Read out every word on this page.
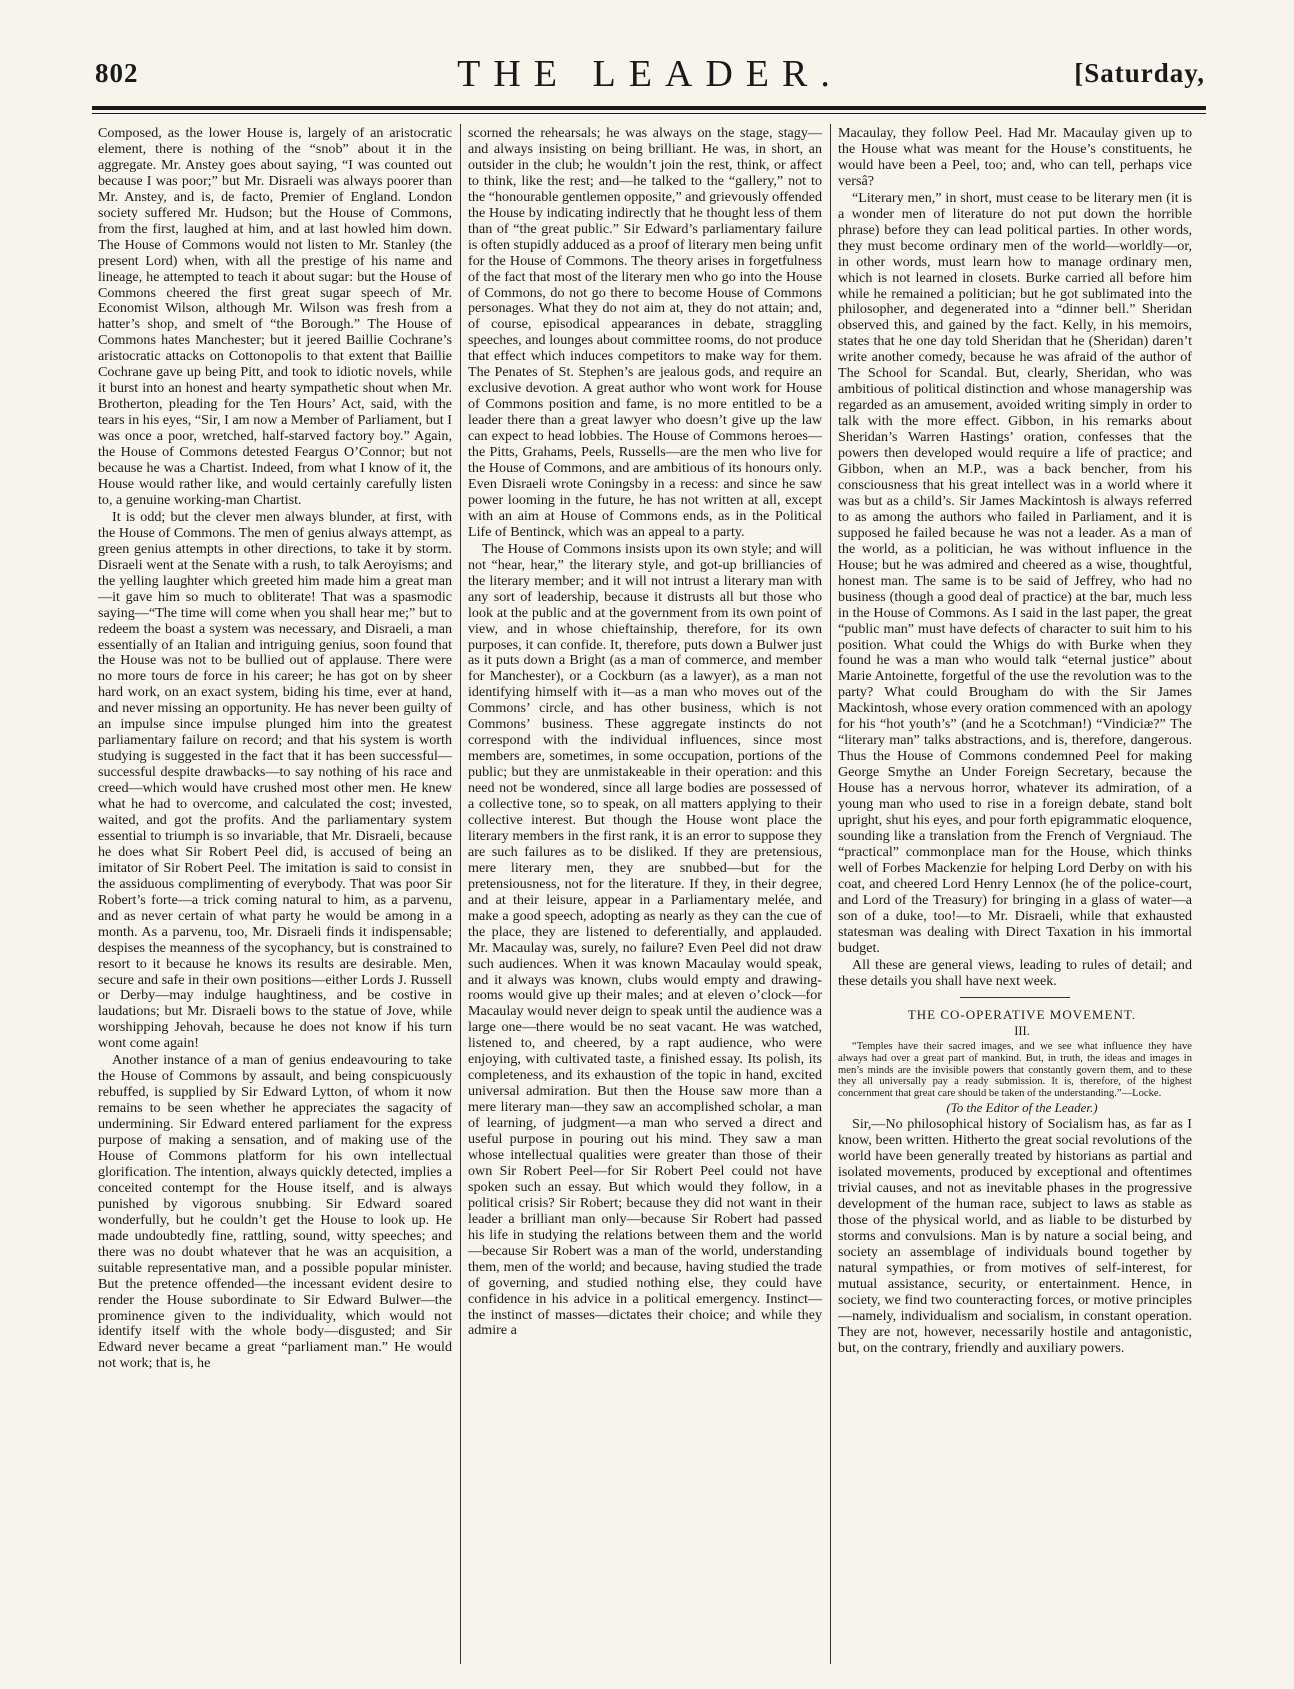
802	THE LEADER.	[Saturday,

Composed, as the lower House is, largely of an aristocratic element, there is nothing of the “snob” about it in the aggregate. Mr. Anstey goes about saying, “I was counted out because I was poor;” but Mr. Disraeli was always poorer than Mr. Anstey, and is, de facto, Premier of England. London society suffered Mr. Hudson; but the House of Commons, from the first, laughed at him, and at last howled him down. The House of Commons would not listen to Mr. Stanley (the present Lord) when, with all the prestige of his name and lineage, he attempted to teach it about sugar: but the House of Commons cheered the first great sugar speech of Mr. Economist Wilson, although Mr. Wilson was fresh from a hatter’s shop, and smelt of “the Borough.” The House of Commons hates Manchester; but it jeered Baillie Cochrane’s aristocratic attacks on Cottonopolis to that extent that Baillie Cochrane gave up being Pitt, and took to idiotic novels, while it burst into an honest and hearty sympathetic shout when Mr. Brotherton, pleading for the Ten Hours’ Act, said, with the tears in his eyes, “Sir, I am now a Member of Parliament, but I was once a poor, wretched, half-starved factory boy.” Again, the House of Commons detested Feargus O’Connor; but not because he was a Chartist. Indeed, from what I know of it, the House would rather like, and would certainly carefully listen to, a genuine working-man Chartist.

It is odd; but the clever men always blunder, at first, with the House of Commons. The men of genius always attempt, as green genius attempts in other directions, to take it by storm. Disraeli went at the Senate with a rush, to talk Aeroyisms; and the yelling laughter which greeted him made him a great man—it gave him so much to obliterate! That was a spasmodic saying—“The time will come when you shall hear me;” but to redeem the boast a system was necessary, and Disraeli, a man essentially of an Italian and intriguing genius, soon found that the House was not to be bullied out of applause. There were no more tours de force in his career; he has got on by sheer hard work, on an exact system, biding his time, ever at hand, and never missing an opportunity. He has never been guilty of an impulse since impulse plunged him into the greatest parliamentary failure on record; and that his system is worth studying is suggested in the fact that it has been successful—successful despite drawbacks—to say nothing of his race and creed—which would have crushed most other men. He knew what he had to overcome, and calculated the cost; invested, waited, and got the profits. And the parliamentary system essential to triumph is so invariable, that Mr. Disraeli, because he does what Sir Robert Peel did, is accused of being an imitator of Sir Robert Peel. The imitation is said to consist in the assiduous complimenting of everybody. That was poor Sir Robert’s forte—a trick coming natural to him, as a parvenu, and as never certain of what party he would be among in a month. As a parvenu, too, Mr. Disraeli finds it indispensable; despises the meanness of the sycophancy, but is constrained to resort to it because he knows its results are desirable. Men, secure and safe in their own positions—either Lords J. Russell or Derby—may indulge haughtiness, and be costive in laudations; but Mr. Disraeli bows to the statue of Jove, while worshipping Jehovah, because he does not know if his turn wont come again!

Another instance of a man of genius endeavouring to take the House of Commons by assault, and being conspicuously rebuffed, is supplied by Sir Edward Lytton, of whom it now remains to be seen whether he appreciates the sagacity of undermining. Sir Edward entered parliament for the express purpose of making a sensation, and of making use of the House of Commons platform for his own intellectual glorification. The intention, always quickly detected, implies a conceited contempt for the House itself, and is always punished by vigorous snubbing. Sir Edward soared wonderfully, but he couldn’t get the House to look up. He made undoubtedly fine, rattling, sound, witty speeches; and there was no doubt whatever that he was an acquisition, a suitable representative man, and a possible popular minister. But the pretence offended—the incessant evident desire to render the House subordinate to Sir Edward Bulwer—the prominence given to the individuality, which would not identify itself with the whole body—disgusted; and Sir Edward never became a great “parliament man.” He would not work; that is, he

scorned the rehearsals; he was always on the stage, stagy—and always insisting on being brilliant. He was, in short, an outsider in the club; he wouldn’t join the rest, think, or affect to think, like the rest; and—he talked to the “gallery,” not to the “honourable gentlemen opposite,” and grievously offended the House by indicating indirectly that he thought less of them than of “the great public.” Sir Edward’s parliamentary failure is often stupidly adduced as a proof of literary men being unfit for the House of Commons. The theory arises in forgetfulness of the fact that most of the literary men who go into the House of Commons, do not go there to become House of Commons personages. What they do not aim at, they do not attain; and, of course, episodical appearances in debate, straggling speeches, and lounges about committee rooms, do not produce that effect which induces competitors to make way for them. The Penates of St. Stephen’s are jealous gods, and require an exclusive devotion. A great author who wont work for House of Commons position and fame, is no more entitled to be a leader there than a great lawyer who doesn’t give up the law can expect to head lobbies. The House of Commons heroes—the Pitts, Grahams, Peels, Russells—are the men who live for the House of Commons, and are ambitious of its honours only. Even Disraeli wrote Coningsby in a recess: and since he saw power looming in the future, he has not written at all, except with an aim at House of Commons ends, as in the Political Life of Bentinck, which was an appeal to a party.

The House of Commons insists upon its own style; and will not “hear, hear,” the literary style, and got-up brilliancies of the literary member; and it will not intrust a literary man with any sort of leadership, because it distrusts all but those who look at the public and at the government from its own point of view, and in whose chieftainship, therefore, for its own purposes, it can confide. It, therefore, puts down a Bulwer just as it puts down a Bright (as a man of commerce, and member for Manchester), or a Cockburn (as a lawyer), as a man not identifying himself with it—as a man who moves out of the Commons’ circle, and has other business, which is not Commons’ business. These aggregate instincts do not correspond with the individual influences, since most members are, sometimes, in some occupation, portions of the public; but they are unmistakeable in their operation: and this need not be wondered, since all large bodies are possessed of a collective tone, so to speak, on all matters applying to their collective interest. But though the House wont place the literary members in the first rank, it is an error to suppose they are such failures as to be disliked. If they are pretensious, mere literary men, they are snubbed—but for the pretensiousness, not for the literature. If they, in their degree, and at their leisure, appear in a Parliamentary melée, and make a good speech, adopting as nearly as they can the cue of the place, they are listened to deferentially, and applauded. Mr. Macaulay was, surely, no failure? Even Peel did not draw such audiences. When it was known Macaulay would speak, and it always was known, clubs would empty and drawing-rooms would give up their males; and at eleven o’clock—for Macaulay would never deign to speak until the audience was a large one—there would be no seat vacant. He was watched, listened to, and cheered, by a rapt audience, who were enjoying, with cultivated taste, a finished essay. Its polish, its completeness, and its exhaustion of the topic in hand, excited universal admiration. But then the House saw more than a mere literary man—they saw an accomplished scholar, a man of learning, of judgment—a man who served a direct and useful purpose in pouring out his mind. They saw a man whose intellectual qualities were greater than those of their own Sir Robert Peel—for Sir Robert Peel could not have spoken such an essay. But which would they follow, in a political crisis? Sir Robert; because they did not want in their leader a brilliant man only—because Sir Robert had passed his life in studying the relations between them and the world—because Sir Robert was a man of the world, understanding them, men of the world; and because, having studied the trade of governing, and studied nothing else, they could have confidence in his advice in a political emergency. Instinct—the instinct of masses—dictates their choice; and while they admire a

Macaulay, they follow Peel. Had Mr. Macaulay given up to the House what was meant for the House’s constituents, he would have been a Peel, too; and, who can tell, perhaps vice versâ?

“Literary men,” in short, must cease to be literary men (it is a wonder men of literature do not put down the horrible phrase) before they can lead political parties. In other words, they must become ordinary men of the world—worldly—or, in other words, must learn how to manage ordinary men, which is not learned in closets. Burke carried all before him while he remained a politician; but he got sublimated into the philosopher, and degenerated into a “dinner bell.” Sheridan observed this, and gained by the fact. Kelly, in his memoirs, states that he one day told Sheridan that he (Sheridan) daren’t write another comedy, because he was afraid of the author of The School for Scandal. But, clearly, Sheridan, who was ambitious of political distinction and whose managership was regarded as an amusement, avoided writing simply in order to talk with the more effect. Gibbon, in his remarks about Sheridan’s Warren Hastings’ oration, confesses that the powers then developed would require a life of practice; and Gibbon, when an M.P., was a back bencher, from his consciousness that his great intellect was in a world where it was but as a child’s. Sir James Mackintosh is always referred to as among the authors who failed in Parliament, and it is supposed he failed because he was not a leader. As a man of the world, as a politician, he was without influence in the House; but he was admired and cheered as a wise, thoughtful, honest man. The same is to be said of Jeffrey, who had no business (though a good deal of practice) at the bar, much less in the House of Commons. As I said in the last paper, the great “public man” must have defects of character to suit him to his position. What could the Whigs do with Burke when they found he was a man who would talk “eternal justice” about Marie Antoinette, forgetful of the use the revolution was to the party? What could Brougham do with the Sir James Mackintosh, whose every oration commenced with an apology for his “hot youth’s” (and he a Scotchman!) “Vindiciæ?” The “literary man” talks abstractions, and is, therefore, dangerous. Thus the House of Commons condemned Peel for making George Smythe an Under Foreign Secretary, because the House has a nervous horror, whatever its admiration, of a young man who used to rise in a foreign debate, stand bolt upright, shut his eyes, and pour forth epigrammatic eloquence, sounding like a translation from the French of Vergniaud. The “practical” commonplace man for the House, which thinks well of Forbes Mackenzie for helping Lord Derby on with his coat, and cheered Lord Henry Lennox (he of the police-court, and Lord of the Treasury) for bringing in a glass of water—a son of a duke, too!—to Mr. Disraeli, while that exhausted statesman was dealing with Direct Taxation in his immortal budget.

All these are general views, leading to rules of detail; and these details you shall have next week.

THE CO-OPERATIVE MOVEMENT.

III.

“Temples have their sacred images, and we see what influence they have always had over a great part of mankind. But, in truth, the ideas and images in men’s minds are the invisible powers that constantly govern them, and to these they all universally pay a ready submission. It is, therefore, of the highest concernment that great care should be taken of the understanding.”—Locke.

(To the Editor of the Leader.)

Sir,—No philosophical history of Socialism has, as far as I know, been written. Hitherto the great social revolutions of the world have been generally treated by historians as partial and isolated movements, produced by exceptional and oftentimes trivial causes, and not as inevitable phases in the progressive development of the human race, subject to laws as stable as those of the physical world, and as liable to be disturbed by storms and convulsions. Man is by nature a social being, and society an assemblage of individuals bound together by natural sympathies, or from motives of self-interest, for mutual assistance, security, or entertainment. Hence, in society, we find two counteracting forces, or motive principles—namely, individualism and socialism, in constant operation. They are not, however, necessarily hostile and antagonistic, but, on the contrary, friendly and auxiliary powers.
